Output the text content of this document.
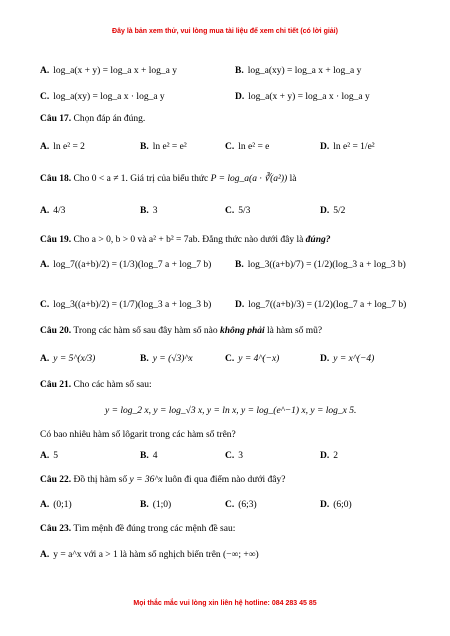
Đây là bản xem thử, vui lòng mua tài liệu để xem chi tiết (có lời giải)
A. log_a(x + y) = log_a x + log_a y	B. log_a(xy) = log_a x + log_a y
C. log_a(xy) = log_a x · log_a y	D. log_a(x + y) = log_a x · log_a y
Câu 17. Chọn đáp án đúng.
A. ln e² = 2	B. ln e² = e²	C. ln e² = e	D. ln e² = 1/e²
Câu 18. Cho 0 < a ≠ 1. Giá trị của biểu thức P = log_a(a · ∛(a²)) là
A. 4/3	B. 3	C. 5/3	D. 5/2
Câu 19. Cho a > 0, b > 0 và a² + b² = 7ab. Đẳng thức nào dưới đây là đúng?
A. log_7((a+b)/2) = (1/3)(log_7 a + log_7 b) B. log_3((a+b)/7) = (1/2)(log_3 a + log_3 b)
C. log_3((a+b)/2) = (1/7)(log_3 a + log_3 b) D. log_7((a+b)/3) = (1/2)(log_7 a + log_7 b)
Câu 20. Trong các hàm số sau đây hàm số nào không phải là hàm số mũ?
A. y = 5^(x/3)	B. y = (√3)^x	C. y = 4^(−x)	D. y = x^(−4)
Câu 21. Cho các hàm số sau:
y = log_2 x, y = log_√3 x, y = ln x, y = log_(e^−1) x, y = log_x 5.
Có bao nhiêu hàm số lôgarit trong các hàm số trên?
A. 5	B. 4	C. 3	D. 2
Câu 22. Đồ thị hàm số y = 36^x luôn đi qua điểm nào dưới đây?
A. (0;1)	B. (1;0)	C. (6;3)	D. (6;0)
Câu 23. Tìm mệnh đề đúng trong các mệnh đề sau:
A. y = a^x với a > 1 là hàm số nghịch biến trên (−∞; +∞)
Mọi thắc mắc vui lòng xin liên hệ hotline: 084 283 45 85
